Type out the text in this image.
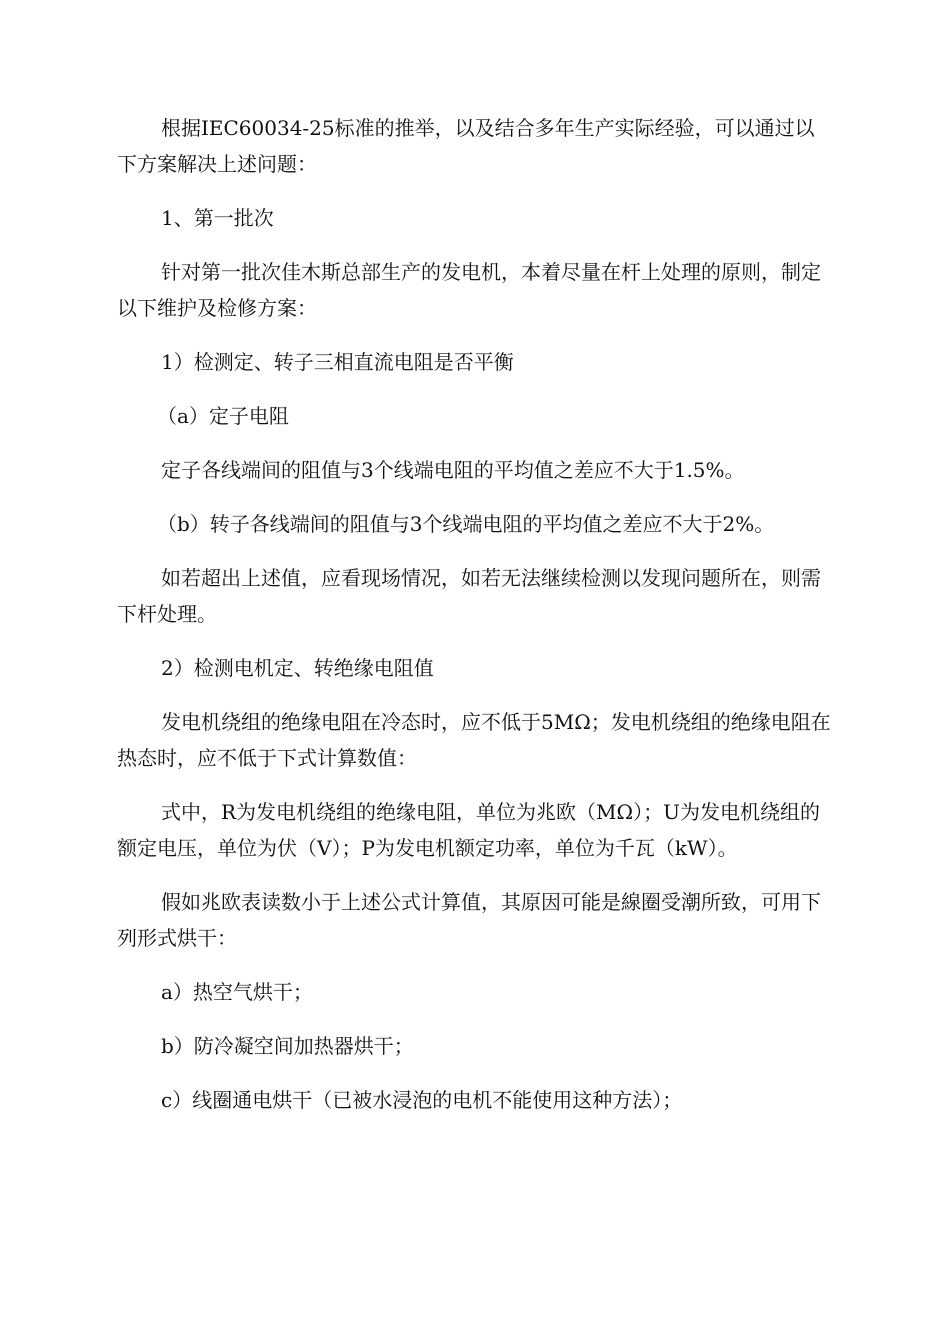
根据IEC60034-25标准的推举，以及结合多年生产实际经验，可以通过以下方案解决上述问题：

1、第一批次

针对第一批次佳木斯总部生产的发电机，本着尽量在杆上处理的原则，制定以下维护及检修方案：

1）检测定、转子三相直流电阻是否平衡

（a）定子电阻

定子各线端间的阻值与3个线端电阻的平均值之差应不大于1.5%。

（b）转子各线端间的阻值与3个线端电阻的平均值之差应不大于2%。

如若超出上述值，应看现场情况，如若无法继续检测以发现问题所在，则需下杆处理。

2）检测电机定、转绝缘电阻值

发电机绕组的绝缘电阻在冷态时，应不低于5MΩ；发电机绕组的绝缘电阻在热态时，应不低于下式计算数值：

式中，R为发电机绕组的绝缘电阻，单位为兆欧（MΩ）；U为发电机绕组的额定电压，单位为伏（V）；P为发电机额定功率，单位为千瓦（kW）。

假如兆欧表读数小于上述公式计算值，其原因可能是線圈受潮所致，可用下列形式烘干：

a）热空气烘干；

b）防冷凝空间加热器烘干；

c）线圈通电烘干（已被水浸泡的电机不能使用这种方法）；
